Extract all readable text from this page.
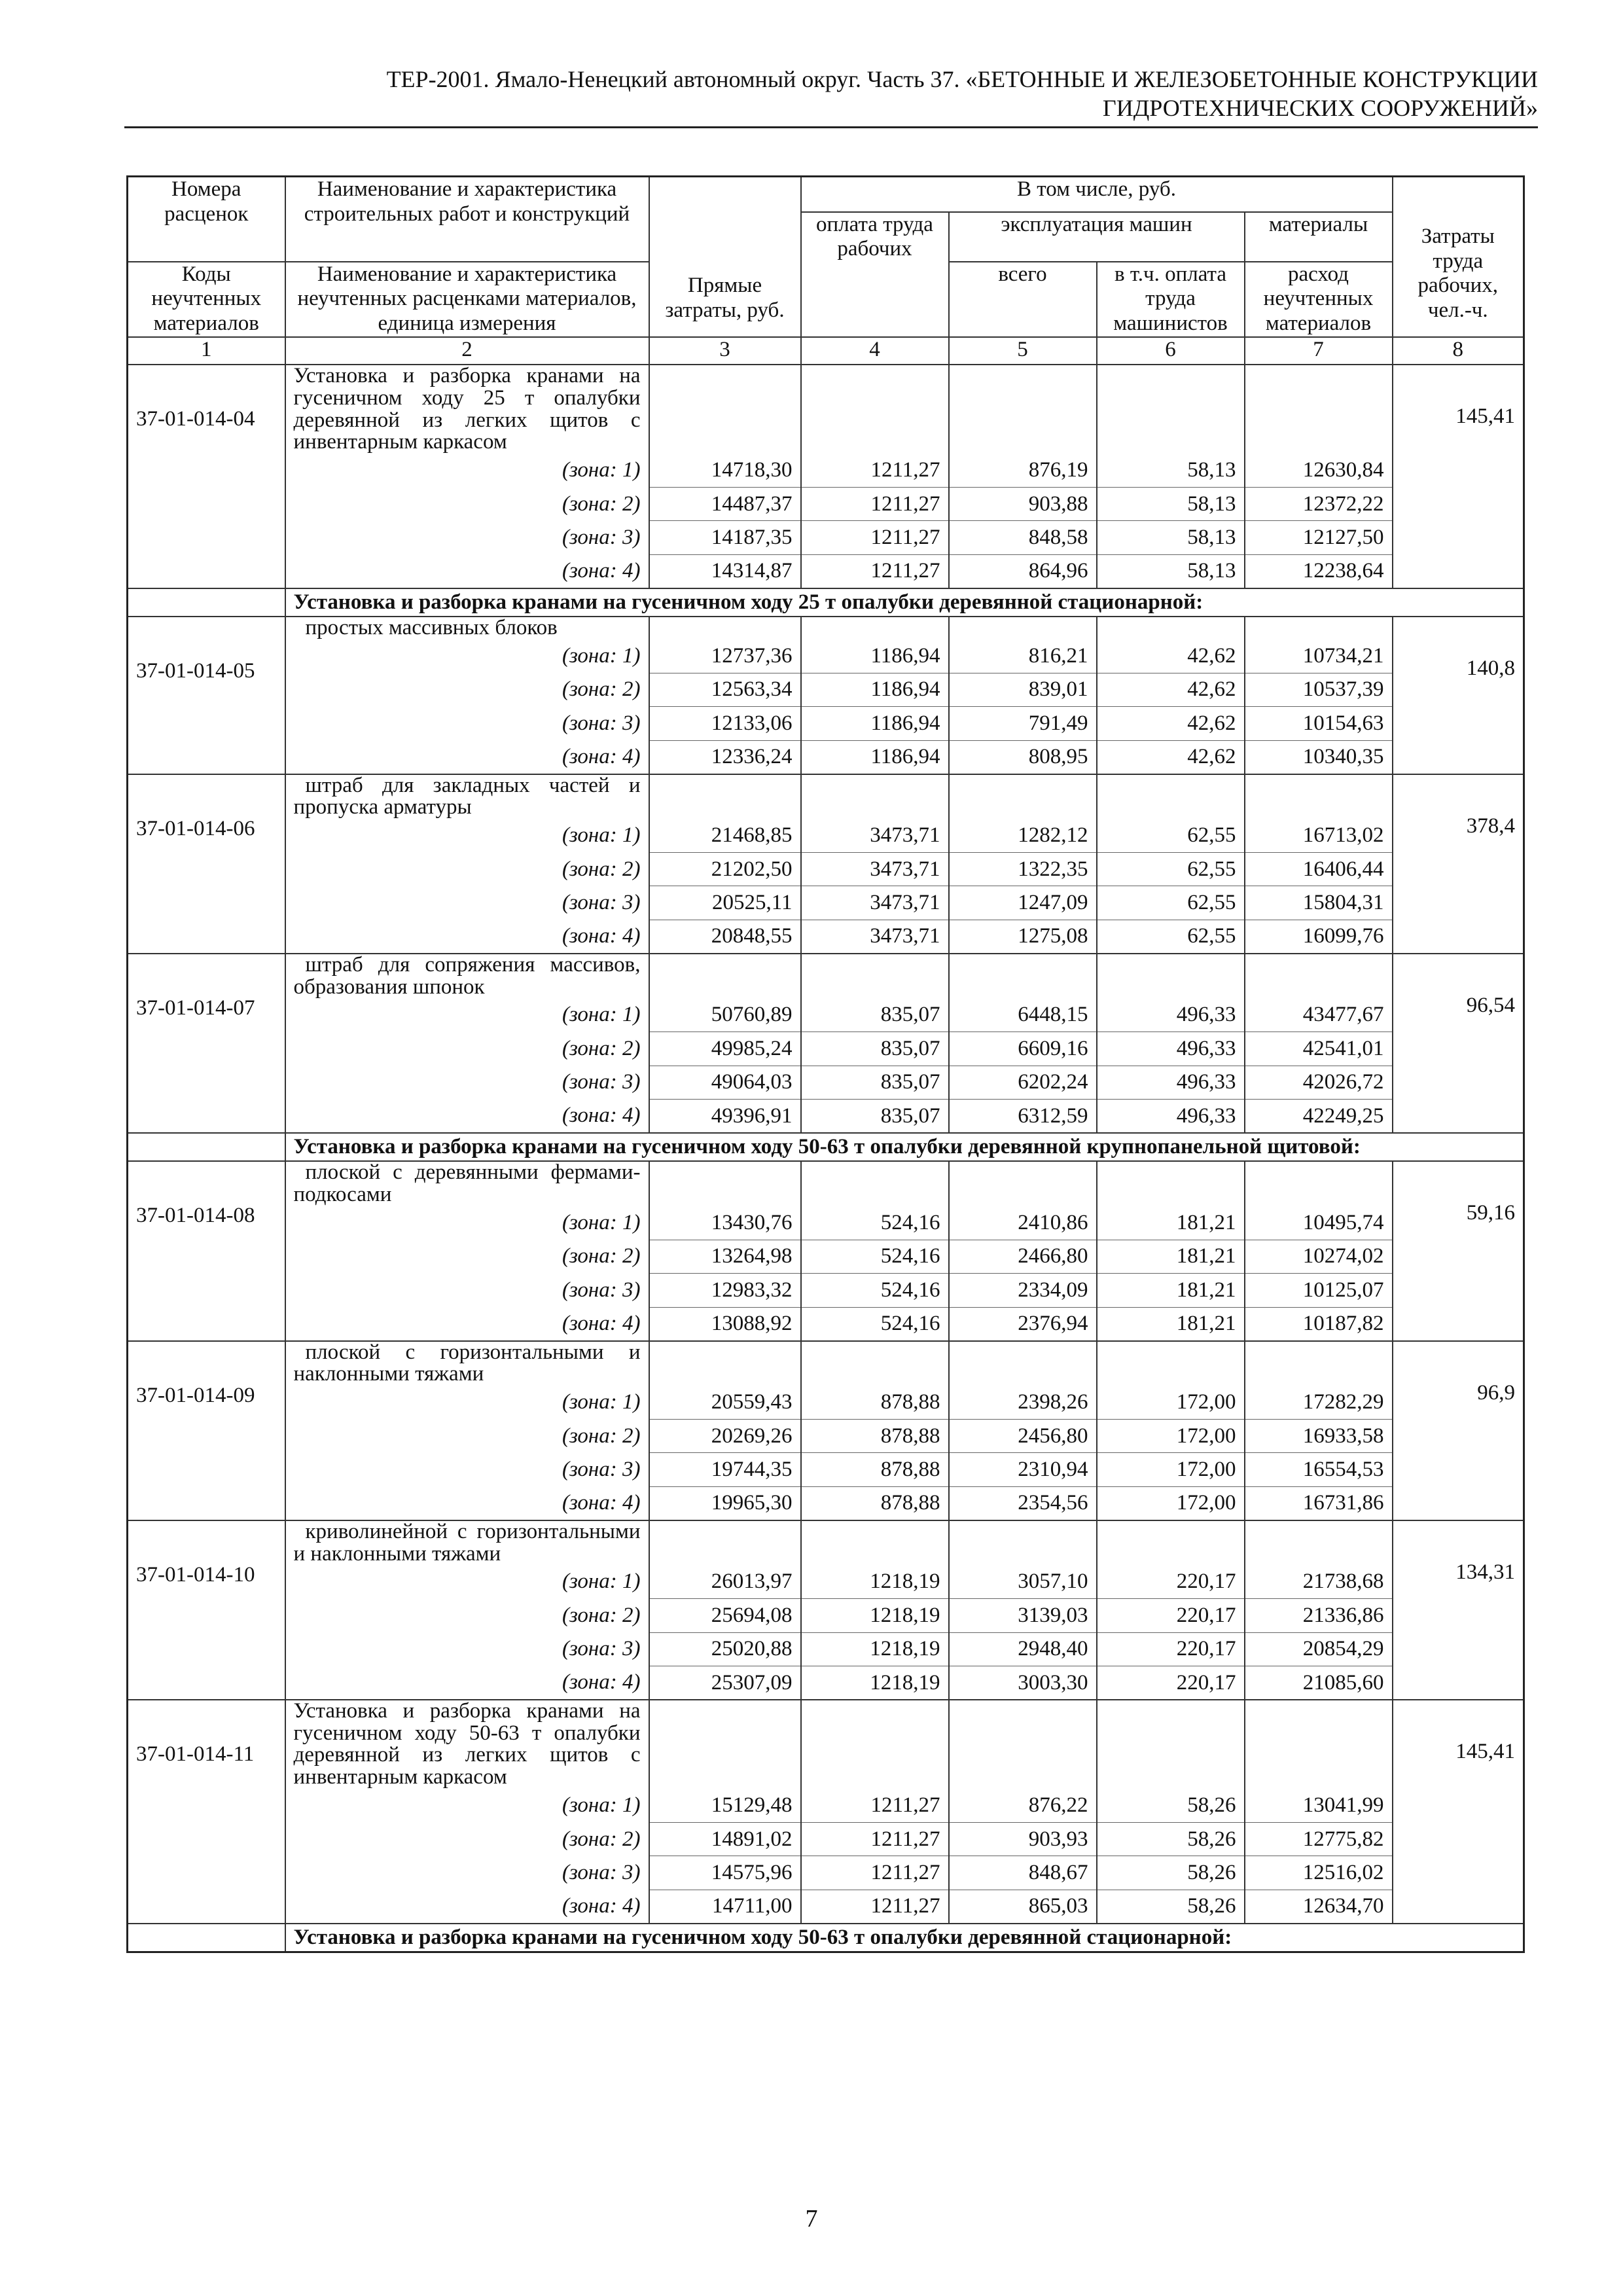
ТЕР-2001. Ямало-Ненецкий автономный округ. Часть 37. «БЕТОННЫЕ И ЖЕЛЕЗОБЕТОННЫЕ КОНСТРУКЦИИ
ГИДРОТЕХНИЧЕСКИХ СООРУЖЕНИЙ»
Номера расценок	Наименование и характеристика строительных работ и конструкций	Прямые затраты, руб.	В том числе, руб.				Затраты труда рабочих, чел.-ч.
			оплата труда рабочих	эксплуатация машин		материалы	
Коды неучтенных материалов	Наименование и характеристика неучтенных расценками материалов, единица измерения			всего	в т.ч. оплата труда машинистов	расход неучтенных материалов	
1	2	3	4	5	6	7	8
37-01-014-04	Установка и разборка кранами на гусеничном ходу 25 т опалубки деревянной из легких щитов с инвентарным каркасом						145,41
	(зона: 1)	14718,30	1211,27	876,19	58,13	12630,84	
	(зона: 2)	14487,37	1211,27	903,88	58,13	12372,22	
	(зона: 3)	14187,35	1211,27	848,58	58,13	12127,50	
	(зона: 4)	14314,87	1211,27	864,96	58,13	12238,64	
	Установка и разборка кранами на гусеничном ходу 25 т опалубки деревянной стационарной:						
37-01-014-05	простых массивных блоков						140,8
	(зона: 1)	12737,36	1186,94	816,21	42,62	10734,21	
	(зона: 2)	12563,34	1186,94	839,01	42,62	10537,39	
	(зона: 3)	12133,06	1186,94	791,49	42,62	10154,63	
	(зона: 4)	12336,24	1186,94	808,95	42,62	10340,35	
37-01-014-06	штраб для закладных частей и пропуска арматуры						378,4
	(зона: 1)	21468,85	3473,71	1282,12	62,55	16713,02	
	(зона: 2)	21202,50	3473,71	1322,35	62,55	16406,44	
	(зона: 3)	20525,11	3473,71	1247,09	62,55	15804,31	
	(зона: 4)	20848,55	3473,71	1275,08	62,55	16099,76	
37-01-014-07	штраб для сопряжения массивов, образования шпонок						96,54
	(зона: 1)	50760,89	835,07	6448,15	496,33	43477,67	
	(зона: 2)	49985,24	835,07	6609,16	496,33	42541,01	
	(зона: 3)	49064,03	835,07	6202,24	496,33	42026,72	
	(зона: 4)	49396,91	835,07	6312,59	496,33	42249,25	
	Установка и разборка кранами на гусеничном ходу 50-63 т опалубки деревянной крупнопанельной щитовой:						
37-01-014-08	плоской с деревянными фермами-подкосами						59,16
	(зона: 1)	13430,76	524,16	2410,86	181,21	10495,74	
	(зона: 2)	13264,98	524,16	2466,80	181,21	10274,02	
	(зона: 3)	12983,32	524,16	2334,09	181,21	10125,07	
	(зона: 4)	13088,92	524,16	2376,94	181,21	10187,82	
37-01-014-09	плоской с горизонтальными и наклонными тяжами						96,9
	(зона: 1)	20559,43	878,88	2398,26	172,00	17282,29	
	(зона: 2)	20269,26	878,88	2456,80	172,00	16933,58	
	(зона: 3)	19744,35	878,88	2310,94	172,00	16554,53	
	(зона: 4)	19965,30	878,88	2354,56	172,00	16731,86	
37-01-014-10	криволинейной с горизонтальными и наклонными тяжами						134,31
	(зона: 1)	26013,97	1218,19	3057,10	220,17	21738,68	
	(зона: 2)	25694,08	1218,19	3139,03	220,17	21336,86	
	(зона: 3)	25020,88	1218,19	2948,40	220,17	20854,29	
	(зона: 4)	25307,09	1218,19	3003,30	220,17	21085,60	
37-01-014-11	Установка и разборка кранами на гусеничном ходу 50-63 т опалубки деревянной из легких щитов с инвентарным каркасом						145,41
	(зона: 1)	15129,48	1211,27	876,22	58,26	13041,99	
	(зона: 2)	14891,02	1211,27	903,93	58,26	12775,82	
	(зона: 3)	14575,96	1211,27	848,67	58,26	12516,02	
	(зона: 4)	14711,00	1211,27	865,03	58,26	12634,70	
	Установка и разборка кранами на гусеничном ходу 50-63 т опалубки деревянной стационарной:						
7
